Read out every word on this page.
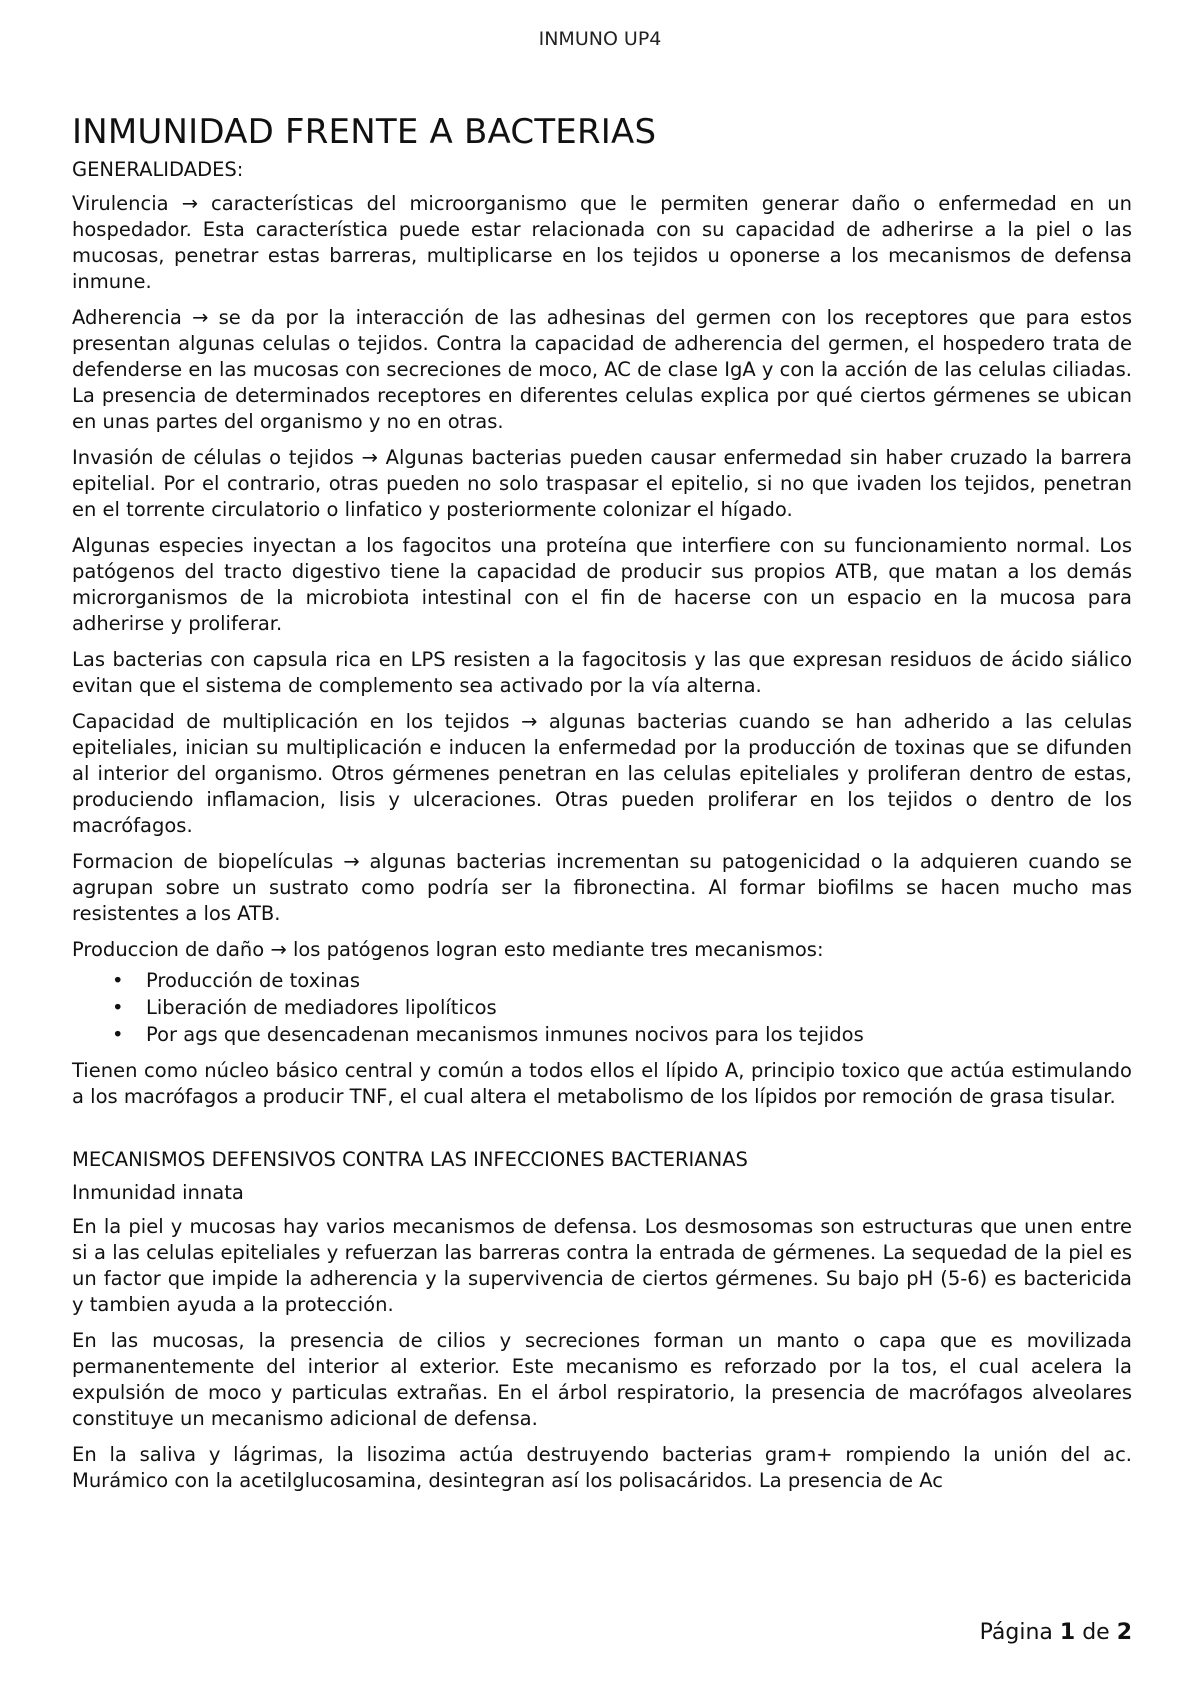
INMUNO UP4
INMUNIDAD FRENTE A BACTERIAS
GENERALIDADES:

Virulencia → características del microorganismo que le permiten generar daño o enfermedad en un hospedador. Esta característica puede estar relacionada con su capacidad de adherirse a la piel o las mucosas, penetrar estas barreras, multiplicarse en los tejidos u oponerse a los mecanismos de defensa inmune.

Adherencia → se da por la interacción de las adhesinas del germen con los receptores que para estos presentan algunas celulas o tejidos. Contra la capacidad de adherencia del germen, el hospedero trata de defenderse en las mucosas con secreciones de moco, AC de clase IgA y con la acción de las celulas ciliadas. La presencia de determinados receptores en diferentes celulas explica por qué ciertos gérmenes se ubican en unas partes del organismo y no en otras.

Invasión de células o tejidos → Algunas bacterias pueden causar enfermedad sin haber cruzado la barrera epitelial. Por el contrario, otras pueden no solo traspasar el epitelio, si no que ivaden los tejidos, penetran en el torrente circulatorio o linfatico y posteriormente colonizar el hígado.

Algunas especies inyectan a los fagocitos una proteína que interfiere con su funcionamiento normal. Los patógenos del tracto digestivo tiene la capacidad de producir sus propios ATB, que matan a los demás microrganismos de la microbiota intestinal con el fin de hacerse con un espacio en la mucosa para adherirse y proliferar.

Las bacterias con capsula rica en LPS resisten a la fagocitosis y las que expresan residuos de ácido siálico evitan que el sistema de complemento sea activado por la vía alterna.

Capacidad de multiplicación en los tejidos → algunas bacterias cuando se han adherido a las celulas epiteliales, inician su multiplicación e inducen la enfermedad por la producción de toxinas que se difunden al interior del organismo. Otros gérmenes penetran en las celulas epiteliales y proliferan dentro de estas, produciendo inflamacion, lisis y ulceraciones. Otras pueden proliferar en los tejidos o dentro de los macrófagos.

Formacion de biopelículas → algunas bacterias incrementan su patogenicidad o la adquieren cuando se agrupan sobre un sustrato como podría ser la fibronectina. Al formar biofilms se hacen mucho mas resistentes a los ATB.

Produccion de daño → los patógenos logran esto mediante tres mecanismos:

• Producción de toxinas
• Liberación de mediadores lipolíticos
• Por ags que desencadenan mecanismos inmunes nocivos para los tejidos

Tienen como núcleo básico central y común a todos ellos el lípido A, principio toxico que actúa estimulando a los macrófagos a producir TNF, el cual altera el metabolismo de los lípidos por remoción de grasa tisular.

MECANISMOS DEFENSIVOS CONTRA LAS INFECCIONES BACTERIANAS
Inmunidad innata

En la piel y mucosas hay varios mecanismos de defensa. Los desmosomas son estructuras que unen entre si a las celulas epiteliales y refuerzan las barreras contra la entrada de gérmenes. La sequedad de la piel es un factor que impide la adherencia y la supervivencia de ciertos gérmenes. Su bajo pH (5-6) es bactericida y tambien ayuda a la protección.

En las mucosas, la presencia de cilios y secreciones forman un manto o capa que es movilizada permanentemente del interior al exterior. Este mecanismo es reforzado por la tos, el cual acelera la expulsión de moco y particulas extrañas. En el árbol respiratorio, la presencia de macrófagos alveolares constituye un mecanismo adicional de defensa.

En la saliva y lágrimas, la lisozima actúa destruyendo bacterias gram+ rompiendo la unión del ac. Murámico con la acetilglucosamina, desintegran así los polisacáridos. La presencia de Ac

Página 1 de 2
